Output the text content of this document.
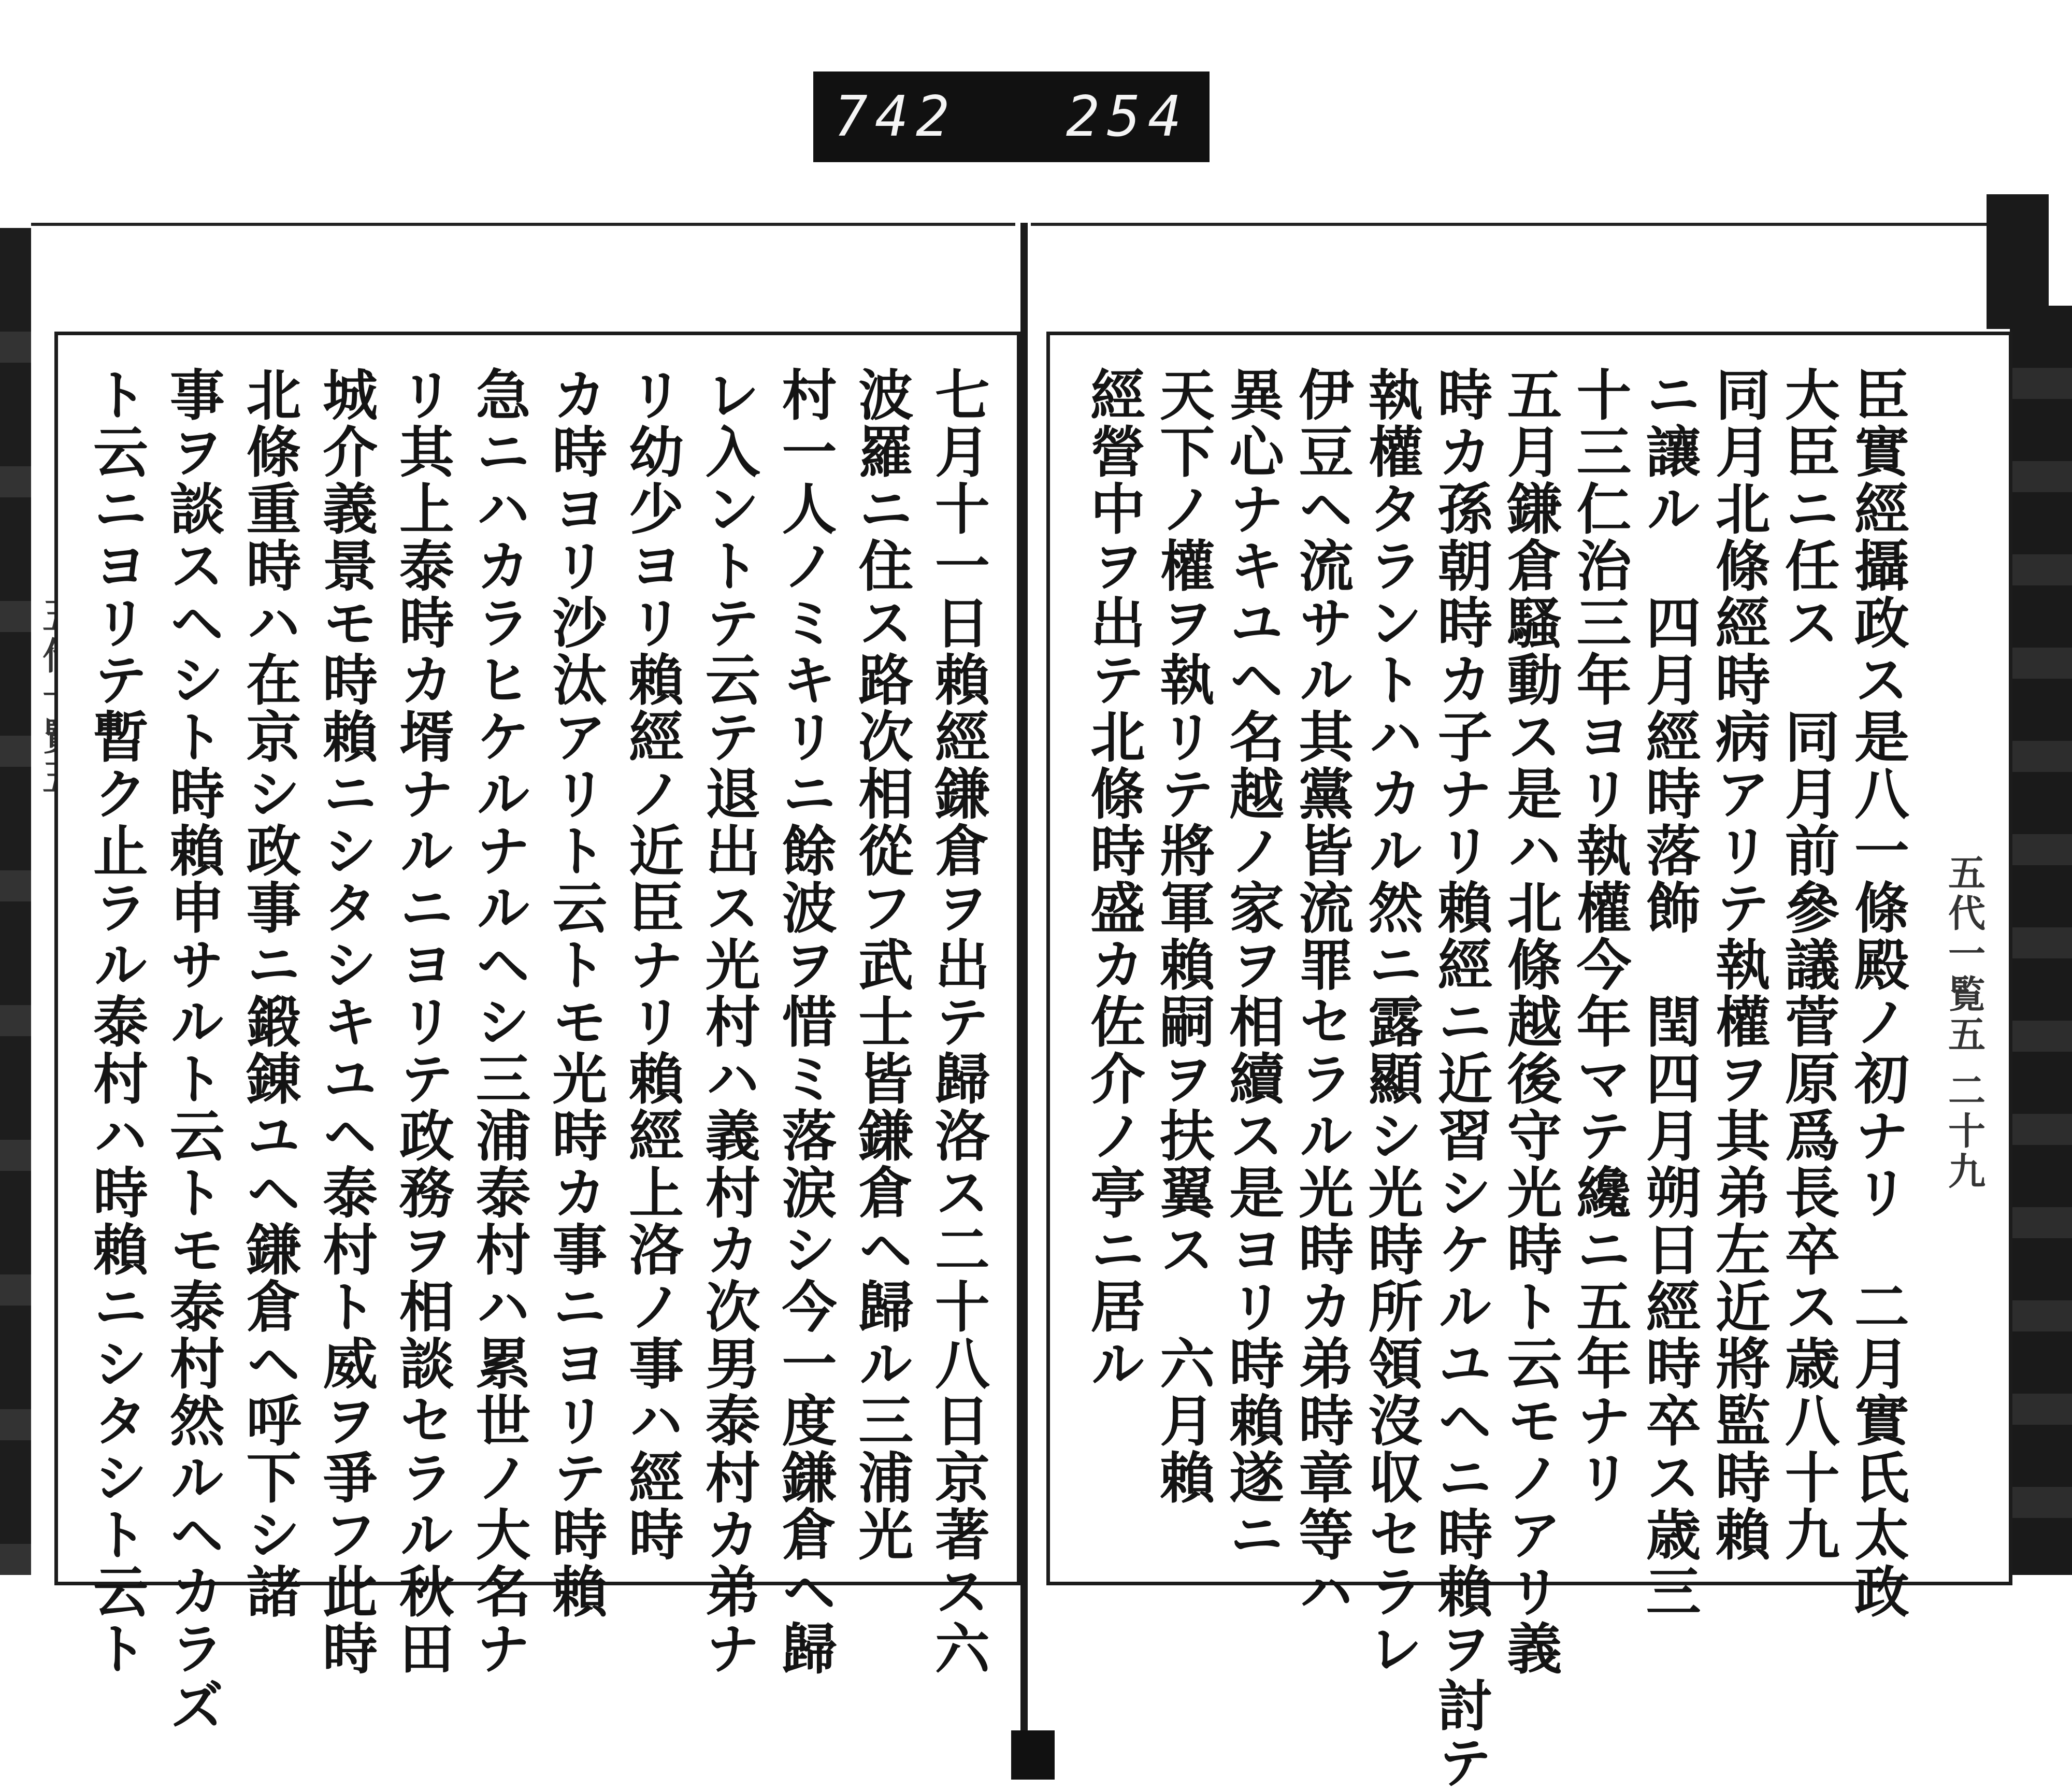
742 254
五代一覧五
二十九
臣實經攝政ス是八一條殿ノ初ナリ　二月實氏太政
大臣ニ任ス　同月前參議菅原爲長卒ス歳八十九
同月北條經時病アリテ執權ヲ其弟左近將監時賴
ニ讓ル　四月經時落飾　閏四月朔日經時卒ス歳三
十三仁治三年ヨリ執權今年マテ纔ニ五年ナリ
五月鎌倉騷動ス是ハ北條越後守光時ト云モノアリ義
時カ孫朝時カ子ナリ賴經ニ近習シケルユヘニ時賴ヲ討テ
執權タラントハカル然ニ露顯シ光時所領沒収セラレ
伊豆ヘ流サル其黨皆流罪セラル光時カ弟時章等ハ
異心ナキユヘ名越ノ家ヲ相續ス是ヨリ時賴遂ニ
天下ノ權ヲ執リテ將軍賴嗣ヲ扶翼ス　六月賴
經營中ヲ出テ北條時盛カ佐介ノ亭ニ居ル
七月十一日賴經鎌倉ヲ出テ歸洛ス二十八日京著ス六
波羅ニ住ス路次相從フ武士皆鎌倉ヘ歸ル三浦光
村一人ノミキリニ餘波ヲ惜ミ落涙シ今一度鎌倉ヘ歸
レ入ントテ云テ退出ス光村ハ義村カ次男泰村カ弟ナ
リ幼少ヨリ賴經ノ近臣ナリ賴經上洛ノ事ハ經時
カ時ヨリ沙汰アリト云トモ光時カ事ニヨリテ時賴
急ニハカラヒケルナルヘシ三浦泰村ハ累世ノ大名ナ
リ其上泰時カ壻ナルニヨリテ政務ヲ相談セラル秋田
城介義景モ時賴ニシタシキユヘ泰村ト威ヲ爭フ此時
北條重時ハ在京シ政事ニ鍛錬ユヘ鎌倉ヘ呼下シ諸
事ヲ談スヘシト時賴申サルト云トモ泰村然ルヘカラズ
ト云ニヨリテ暫ク止ラル泰村ハ時賴ニシタシト云ト
